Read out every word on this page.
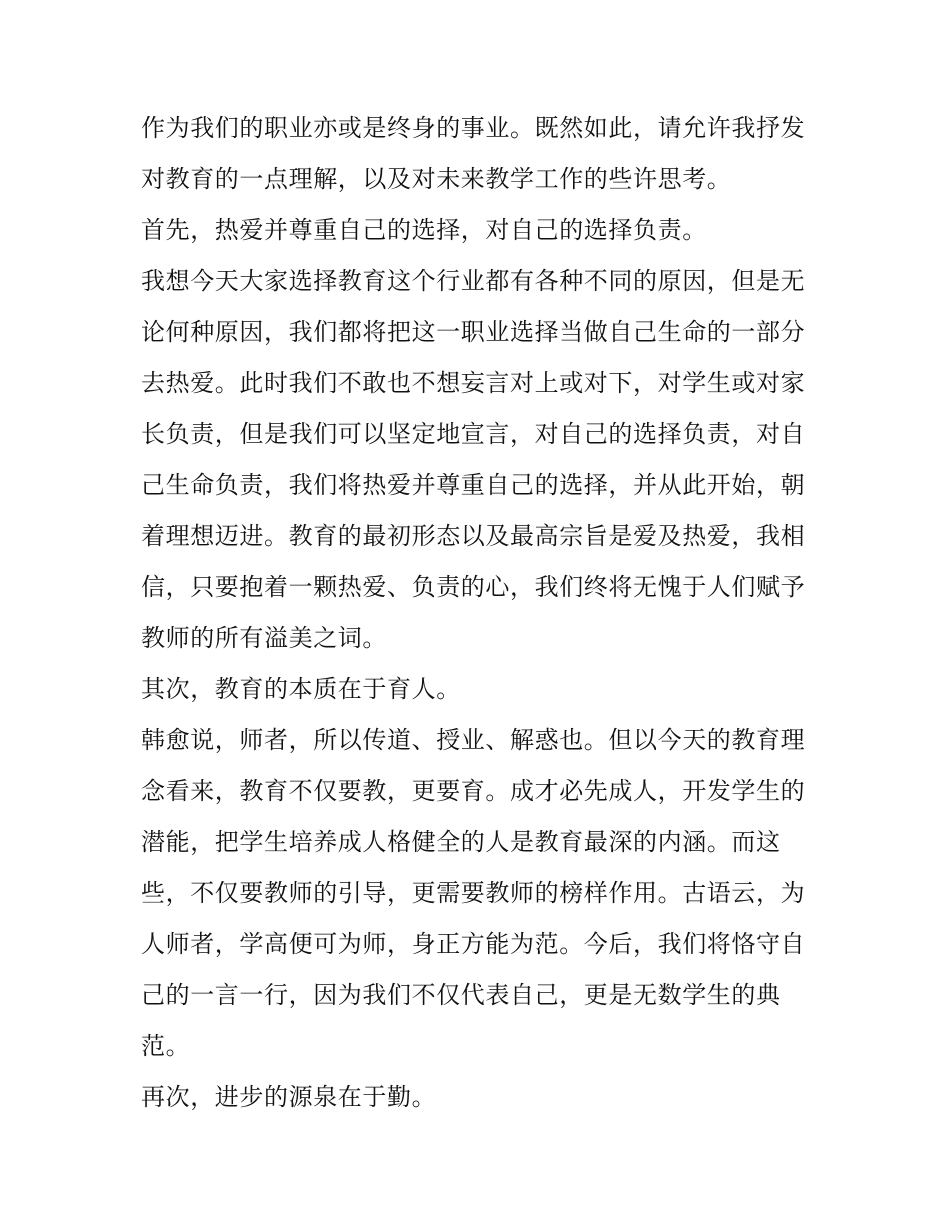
作为我们的职业亦或是终身的事业。既然如此，请允许我抒发
对教育的一点理解，以及对未来教学工作的些许思考。
首先，热爱并尊重自己的选择，对自己的选择负责。
我想今天大家选择教育这个行业都有各种不同的原因，但是无
论何种原因，我们都将把这一职业选择当做自己生命的一部分
去热爱。此时我们不敢也不想妄言对上或对下，对学生或对家
长负责，但是我们可以坚定地宣言，对自己的选择负责，对自
己生命负责，我们将热爱并尊重自己的选择，并从此开始，朝
着理想迈进。教育的最初形态以及最高宗旨是爱及热爱，我相
信，只要抱着一颗热爱、负责的心，我们终将无愧于人们赋予
教师的所有溢美之词。
其次，教育的本质在于育人。
韩愈说，师者，所以传道、授业、解惑也。但以今天的教育理
念看来，教育不仅要教，更要育。成才必先成人，开发学生的
潜能，把学生培养成人格健全的人是教育最深的内涵。而这
些，不仅要教师的引导，更需要教师的榜样作用。古语云，为
人师者，学高便可为师，身正方能为范。今后，我们将恪守自
己的一言一行，因为我们不仅代表自己，更是无数学生的典
范。
再次，进步的源泉在于勤。
